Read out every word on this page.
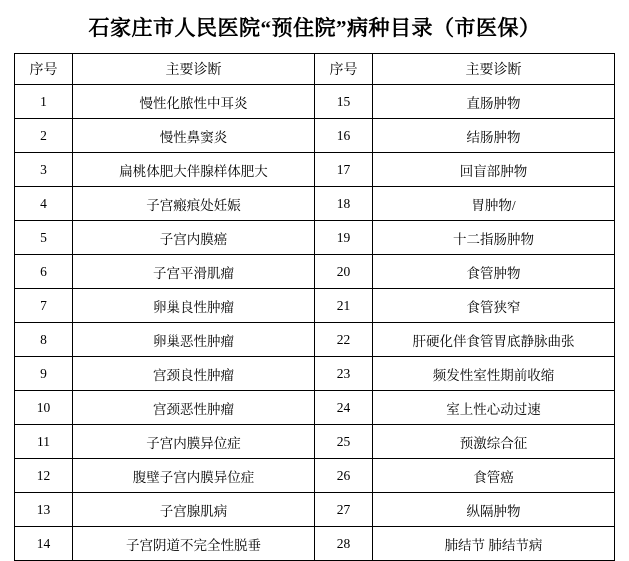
石家庄市人民医院“预住院”病种目录（市医保）
序号	主要诊断	序号	主要诊断
1	慢性化脓性中耳炎	15	直肠肿物
2	慢性鼻窦炎	16	结肠肿物
3	扁桃体肥大伴腺样体肥大	17	回盲部肿物
4	子宫瘢痕处妊娠	18	胃肿物/
5	子宫内膜癌	19	十二指肠肿物
6	子宫平滑肌瘤	20	食管肿物
7	卵巢良性肿瘤	21	食管狭窄
8	卵巢恶性肿瘤	22	肝硬化伴食管胃底静脉曲张
9	宫颈良性肿瘤	23	频发性室性期前收缩
10	宫颈恶性肿瘤	24	室上性心动过速
11	子宫内膜异位症	25	预激综合征
12	腹壁子宫内膜异位症	26	食管癌
13	子宫腺肌病	27	纵隔肿物
14	子宫阴道不完全性脱垂	28	肺结节 肺结节病
